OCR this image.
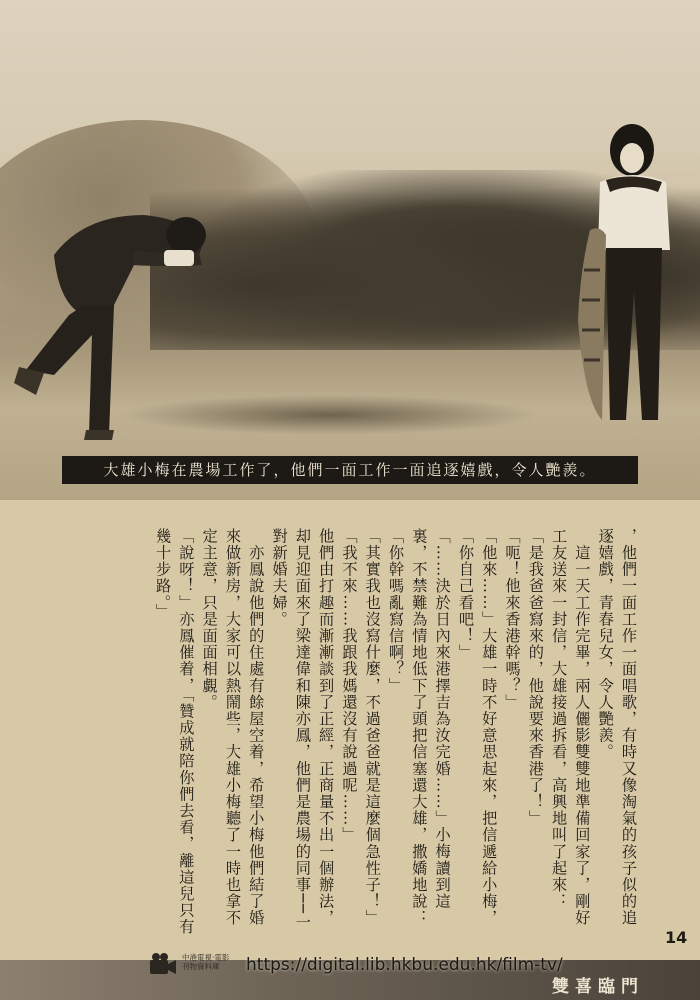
大雄小梅在農場工作了，他們一面工作一面追逐嬉戲，令人艷羨。

，他們一面工作一面唱歌，有時又像淘氣的孩子似的追逐嬉戲，青春兒女，令人艷羨。

　這一天工作完畢，兩人儷影雙雙地準備回家了，剛好工友送來一封信，大雄接過拆看，高興地叫了起來：

「是我爸爸寫來的，他說要來香港了！」

「呃！他來香港幹嗎？」

「他來……」大雄一時不好意思起來，把信遞給小梅，「你自己看吧！」

「……決於日內來港擇吉為汝完婚……」小梅讀到這裏，不禁難為情地低下了頭把信塞還大雄，撒嬌地說：

「你幹嗎亂寫信啊？」

「其實我也沒寫什麼，不過爸爸就是這麼個急性子！」

「我不來……我跟我媽還沒有說過呢……」

他們由打趣而漸漸談到了正經，正商量不出一個辦法，却見迎面來了梁達偉和陳亦鳳，他們是農場的同事──一對新婚夫婦。

　亦鳳說他們的住處有餘屋空着，希望小梅他們結了婚來做新房，大家可以熱鬧些，大雄小梅聽了一時也拿不定主意，只是面面相覷。

「說呀！」亦鳳催着，「贊成就陪你們去看，離這兒只有幾十步路。」

14
中港電視·電影
刊物資料庫	https://digital.lib.hkbu.edu.hk/film-tv/
雙喜臨門
